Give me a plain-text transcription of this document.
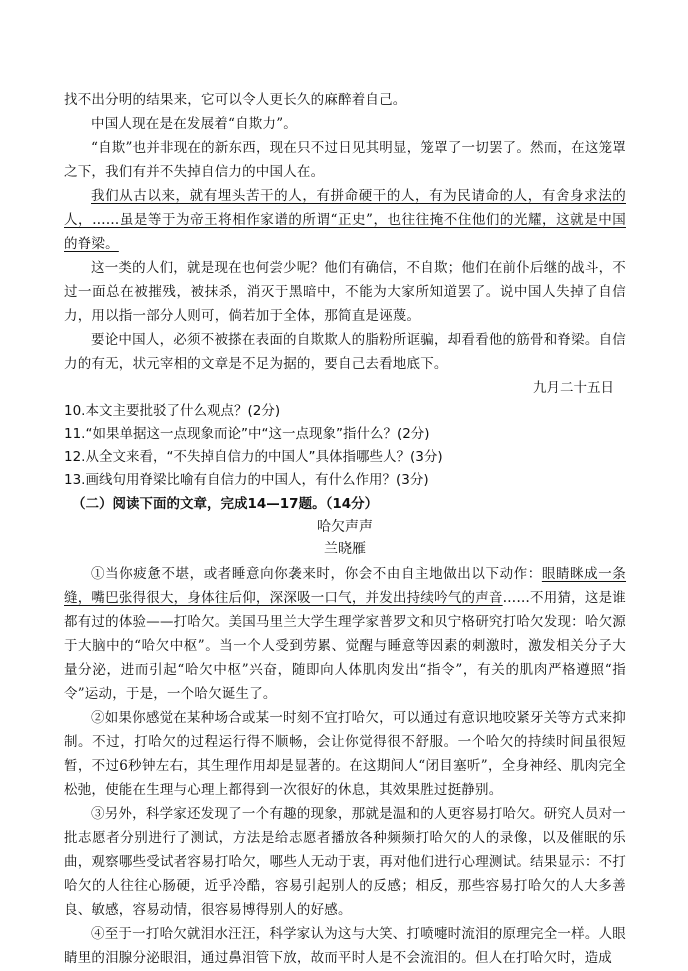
找不出分明的结果来，它可以令人更长久的麻醉着自己。

中国人现在是在发展着“自欺力”。

“自欺”也并非现在的新东西，现在只不过日见其明显，笼罩了一切罢了。然而，在这笼罩之下，我们有并不失掉自信力的中国人在。

我们从古以来，就有埋头苦干的人，有拼命硬干的人，有为民请命的人，有舍身求法的人，……虽是等于为帝王将相作家谱的所谓“正史”，也往往掩不住他们的光耀，这就是中国的脊梁。

这一类的人们，就是现在也何尝少呢？他们有确信，不自欺；他们在前仆后继的战斗，不过一面总在被摧残，被抹杀，消灭于黑暗中，不能为大家所知道罢了。说中国人失掉了自信力，用以指一部分人则可，倘若加于全体，那简直是诬蔑。

要论中国人，必须不被搽在表面的自欺欺人的脂粉所诓骗，却看看他的筋骨和脊梁。自信力的有无，状元宰相的文章是不足为据的，要自己去看地底下。

九月二十五日

10.本文主要批驳了什么观点？(2分)

11.“如果单据这一点现象而论”中“这一点现象”指什么？(2分)

12.从全文来看，“不失掉自信力的中国人”具体指哪些人？(3分)

13.画线句用脊梁比喻有自信力的中国人，有什么作用？(3分)

（二）阅读下面的文章，完成14—17题。（14分）

哈欠声声

兰晓雁

①当你疲惫不堪，或者睡意向你袭来时，你会不由自主地做出以下动作：眼睛眯成一条缝，嘴巴张得很大，身体往后仰，深深吸一口气，并发出持续吟气的声音……不用猜，这是谁都有过的体验——打哈欠。美国马里兰大学生理学家普罗文和贝宁格研究打哈欠发现：哈欠源于大脑中的“哈欠中枢”。当一个人受到劳累、觉醒与睡意等因素的刺激时，激发相关分子大量分泌，进而引起“哈欠中枢”兴奋，随即向人体肌肉发出“指令”，有关的肌肉严格遵照“指令”运动，于是，一个哈欠诞生了。

②如果你感觉在某种场合或某一时刻不宜打哈欠，可以通过有意识地咬紧牙关等方式来抑制。不过，打哈欠的过程运行得不顺畅，会让你觉得很不舒服。一个哈欠的持续时间虽很短暂，不过6秒钟左右，其生理作用却是显著的。在这期间人“闭目塞听”，全身神经、肌肉完全松弛，使能在生理与心理上都得到一次很好的休息，其效果胜过挺静别。

③另外，科学家还发现了一个有趣的现象，那就是温和的人更容易打哈欠。研究人员对一批志愿者分别进行了测试，方法是给志愿者播放各种频频打哈欠的人的录像，以及催眠的乐曲，观察哪些受试者容易打哈欠，哪些人无动于衷，再对他们进行心理测试。结果显示：不打哈欠的人往往心肠硬，近乎冷酷，容易引起别人的反感；相反，那些容易打哈欠的人大多善良、敏感，容易动情，很容易博得别人的好感。

④至于一打哈欠就泪水汪汪，科学家认为这与大笑、打喷嚏时流泪的原理完全一样。人眼睛里的泪腺分泌眼泪，通过鼻泪管下放，故而平时人是不会流泪的。但人在打哈欠时，造成
